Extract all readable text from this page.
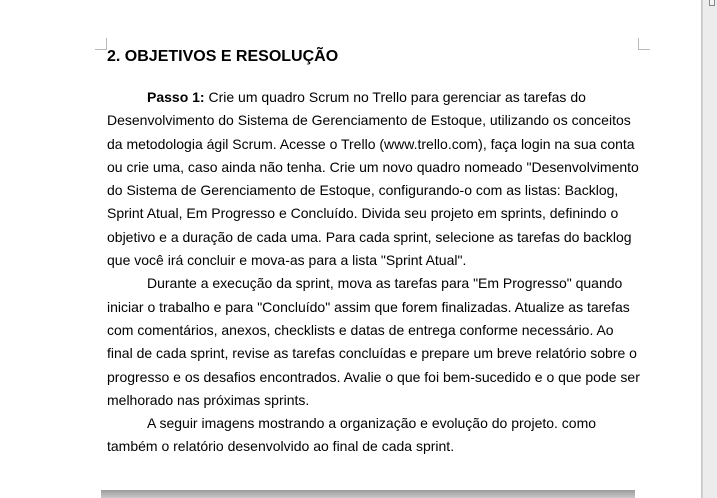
2. OBJETIVOS E RESOLUÇÃO

Passo 1: Crie um quadro Scrum no Trello para gerenciar as tarefas do Desenvolvimento do Sistema de Gerenciamento de Estoque, utilizando os conceitos da metodologia ágil Scrum. Acesse o Trello (www.trello.com), faça login na sua conta ou crie uma, caso ainda não tenha. Crie um novo quadro nomeado "Desenvolvimento do Sistema de Gerenciamento de Estoque, configurando-o com as listas: Backlog, Sprint Atual, Em Progresso e Concluído. Divida seu projeto em sprints, definindo o objetivo e a duração de cada uma. Para cada sprint, selecione as tarefas do backlog que você irá concluir e mova-as para a lista "Sprint Atual".

Durante a execução da sprint, mova as tarefas para "Em Progresso" quando iniciar o trabalho e para "Concluído" assim que forem finalizadas. Atualize as tarefas com comentários, anexos, checklists e datas de entrega conforme necessário. Ao final de cada sprint, revise as tarefas concluídas e prepare um breve relatório sobre o progresso e os desafios encontrados. Avalie o que foi bem-sucedido e o que pode ser melhorado nas próximas sprints.

A seguir imagens mostrando a organização e evolução do projeto. como também o relatório desenvolvido ao final de cada sprint.
